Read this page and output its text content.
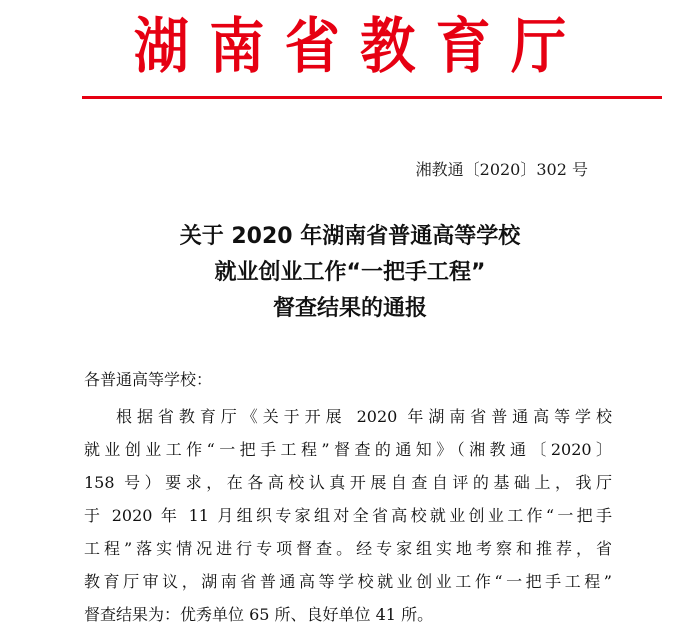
湖南省教育厅
湘教通〔2020〕302 号
关于 2020 年湖南省普通高等学校
就业创业工作“一把手工程”
督查结果的通报
各普通高等学校：
根据省教育厅《关于开展 2020 年湖南省普通高等学校
就业创业工作“一把手工程”督查的通知》（湘教通〔2020〕
158 号）要求，在各高校认真开展自查自评的基础上，我厅
于 2020 年 11 月组织专家组对全省高校就业创业工作“一把手
工程”落实情况进行专项督查。经专家组实地考察和推荐，省
教育厅审议，湖南省普通高等学校就业创业工作“一把手工程”
督查结果为：优秀单位 65 所、良好单位 41 所。
